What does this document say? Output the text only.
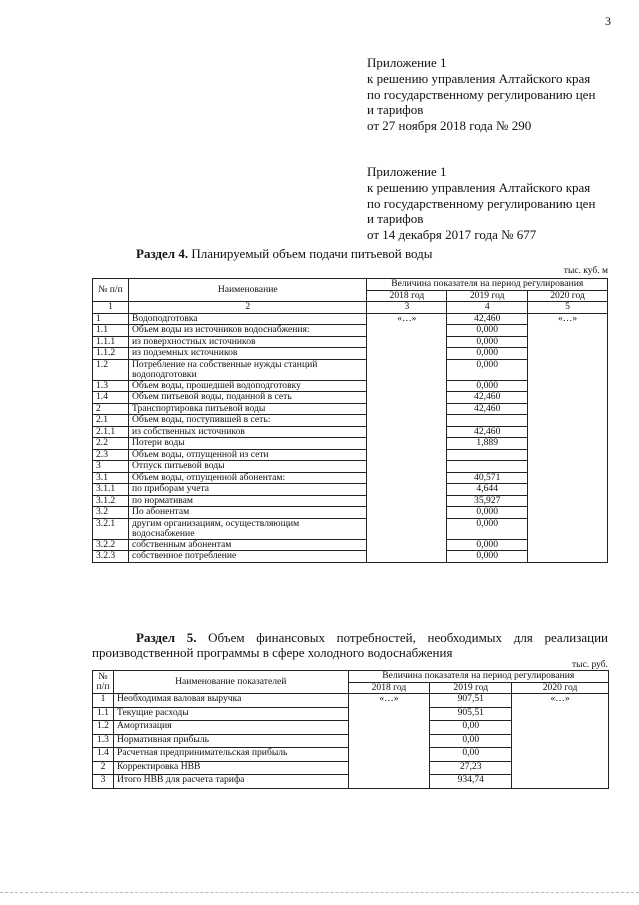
3
Приложение 1
к решению управления Алтайского края
по государственному регулированию цен
и тарифов
от 27 ноября 2018 года № 290
Приложение 1
к решению управления Алтайского края
по государственному регулированию цен
и тарифов
от 14 декабря 2017 года № 677
Раздел 4. Планируемый объем подачи питьевой воды
тыс. куб. м
№ п/п	Наименование	Величина показателя на период регулирования		
		2018 год	2019 год	2020 год
1	2	3	4	5
1	Водоподготовка	«…»	42,460	«…»
1.1	Объем воды из источников водоснабжения:		0,000	
1.1.1	из поверхностных источников		0,000	
1.1.2	из подземных источников		0,000	
1.2	Потребление на собственные нужды станций водоподготовки		0,000	
1.3	Объем воды, прошедшей водоподготовку		0,000	
1.4	Объем питьевой воды, поданной в сеть		42,460	
2	Транспортировка питьевой воды		42,460	
2.1	Объем воды, поступившей в сеть:			
2.1.1	из собственных источников		42,460	
2.2	Потери воды		1,889	
2.3	Объем воды, отпущенной из сети			
3	Отпуск питьевой воды			
3.1	Объем воды, отпущенной абонентам:		40,571	
3.1.1	по приборам учета		4,644	
3.1.2	по нормативам		35,927	
3.2	По абонентам		0,000	
3.2.1	другим организациям, осуществляющим водоснабжение		0,000	
3.2.2	собственным абонентам		0,000	
3.2.3	собственное потребление		0,000	
Раздел 5. Объем финансовых потребностей, необходимых для реализации производственной программы в сфере холодного водоснабжения
тыс. руб.
№ п/п	Наименование показателей	Величина показателя на период регулирования		
		2018 год	2019 год	2020 год
1	Необходимая валовая выручка	«…»	907,51	«…»
1.1	Текущие расходы		905,51	
1.2	Амортизация		0,00	
1.3	Нормативная прибыль		0,00	
1.4	Расчетная предпринимательская прибыль		0,00	
2	Корректировка НВВ		27,23	
3	Итого НВВ для расчета тарифа		934,74	
